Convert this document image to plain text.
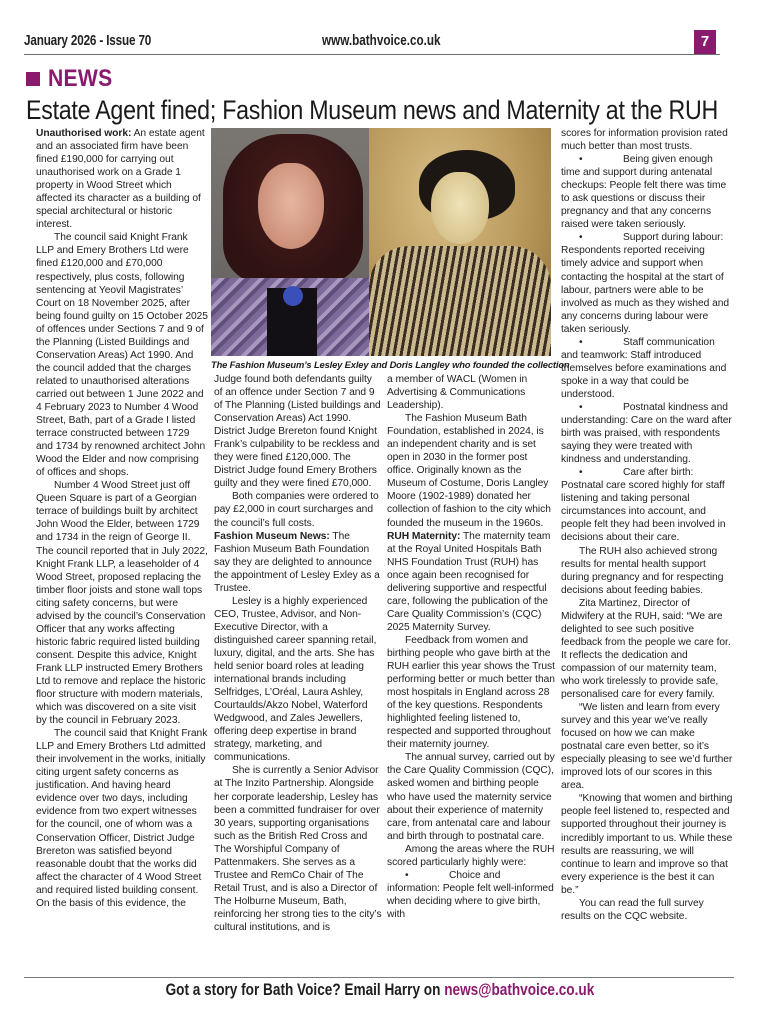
January 2026 - Issue 70	www.bathvoice.co.uk	7
NEWS
Estate Agent fined; Fashion Museum news and Maternity at the RUH

Unauthorised work: An estate agent and an associated firm have been fined £190,000 for carrying out unauthorised work on a Grade 1 property in Wood Street which affected its character as a building of special architectural or historic interest.

The council said Knight Frank LLP and Emery Brothers Ltd were fined £120,000 and £70,000 respectively, plus costs, following sentencing at Yeovil Magistrates’ Court on 18 November 2025, after being found guilty on 15 October 2025 of offences under Sections 7 and 9 of the Planning (Listed Buildings and Conservation Areas) Act 1990. And the council added that the charges related to unauthorised alterations carried out between 1 June 2022 and 4 February 2023 to Number 4 Wood Street, Bath, part of a Grade I listed terrace constructed between 1729 and 1734 by renowned architect John Wood the Elder and now comprising of offices and shops.

Number 4 Wood Street just off Queen Square is part of a Georgian terrace of buildings built by architect John Wood the Elder, between 1729 and 1734 in the reign of George II. The council reported that in July 2022, Knight Frank LLP, a leaseholder of 4 Wood Street, proposed replacing the timber floor joists and stone wall tops citing safety concerns, but were advised by the council’s Conservation Officer that any works affecting historic fabric required listed building consent. Despite this advice, Knight Frank LLP instructed Emery Brothers Ltd to remove and replace the historic floor structure with modern materials, which was discovered on a site visit by the council in February 2023.

The council said that Knight Frank LLP and Emery Brothers Ltd admitted their involvement in the works, initially citing urgent safety concerns as justification. And having heard evidence over two days, including evidence from two expert witnesses for the council, one of whom was a Conservation Officer, District Judge Brereton was satisfied beyond reasonable doubt that the works did affect the character of 4 Wood Street and required listed building consent. On the basis of this evidence, the

The Fashion Museum’s Lesley Exley and Doris Langley who founded the collection

Judge found both defendants guilty of an offence under Section 7 and 9 of The Planning (Listed buildings and Conservation Areas) Act 1990. District Judge Brereton found Knight Frank’s culpability to be reckless and they were fined £120,000. The District Judge found Emery Brothers guilty and they were fined £70,000.

Both companies were ordered to pay £2,000 in court surcharges and the council’s full costs.

Fashion Museum News: The Fashion Museum Bath Foundation say they are delighted to announce the appointment of Lesley Exley as a Trustee.

Lesley is a highly experienced CEO, Trustee, Advisor, and Non-Executive Director, with a distinguished career spanning retail, luxury, digital, and the arts. She has held senior board roles at leading international brands including Selfridges, L’Oréal, Laura Ashley, Courtaulds/Akzo Nobel, Waterford Wedgwood, and Zales Jewellers, offering deep expertise in brand strategy, marketing, and communications.

She is currently a Senior Advisor at The Inzito Partnership. Alongside her corporate leadership, Lesley has been a committed fundraiser for over 30 years, supporting organisations such as the British Red Cross and The Worshipful Company of Pattenmakers. She serves as a Trustee and RemCo Chair of The Retail Trust, and is also a Director of The Holburne Museum, Bath, reinforcing her strong ties to the city’s cultural institutions, and is

a member of WACL (Women in Advertising & Communications Leadership).

The Fashion Museum Bath Foundation, established in 2024, is an independent charity and is set open in 2030 in the former post office. Originally known as the Museum of Costume, Doris Langley Moore (1902-1989) donated her collection of fashion to the city which founded the museum in the 1960s.

RUH Maternity: The maternity team at the Royal United Hospitals Bath NHS Foundation Trust (RUH) has once again been recognised for delivering supportive and respectful care, following the publication of the Care Quality Commission’s (CQC) 2025 Maternity Survey.

Feedback from women and birthing people who gave birth at the RUH earlier this year shows the Trust performing better or much better than most hospitals in England across 28 of the key questions. Respondents highlighted feeling listened to, respected and supported throughout their maternity journey.

The annual survey, carried out by the Care Quality Commission (CQC), asked women and birthing people who have used the maternity service about their experience of maternity care, from antenatal care and labour and birth through to postnatal care.

Among the areas where the RUH scored particularly highly were:

•	Choice and information: People felt well-informed when deciding where to give birth, with

scores for information provision rated much better than most trusts.

•	Being given enough time and support during antenatal checkups: People felt there was time to ask questions or discuss their pregnancy and that any concerns raised were taken seriously.

•	Support during labour: Respondents reported receiving timely advice and support when contacting the hospital at the start of labour, partners were able to be involved as much as they wished and any concerns during labour were taken seriously.

•	Staff communication and teamwork: Staff introduced themselves before examinations and spoke in a way that could be understood.

•	Postnatal kindness and understanding: Care on the ward after birth was praised, with respondents saying they were treated with kindness and understanding.

•	Care after birth: Postnatal care scored highly for staff listening and taking personal circumstances into account, and people felt they had been involved in decisions about their care.

The RUH also achieved strong results for mental health support during pregnancy and for respecting decisions about feeding babies.

Zita Martinez, Director of Midwifery at the RUH, said: “We are delighted to see such positive feedback from the people we care for. It reflects the dedication and compassion of our maternity team, who work tirelessly to provide safe, personalised care for every family.

“We listen and learn from every survey and this year we’ve really focused on how we can make postnatal care even better, so it’s especially pleasing to see we’d further improved lots of our scores in this area.

“Knowing that women and birthing people feel listened to, respected and supported throughout their journey is incredibly important to us. While these results are reassuring, we will continue to learn and improve so that every experience is the best it can be.”

You can read the full survey results on the CQC website.

Got a story for Bath Voice? Email Harry on news@bathvoice.co.uk
